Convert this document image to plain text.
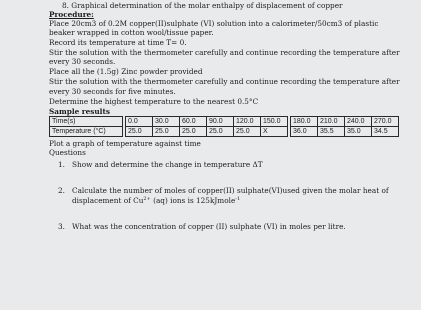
8. Graphical determination of the molar enthalpy of displacement of copper

Procedure:

Place 20cm3 of 0.2M copper(II)sulphate (VI) solution into a calorimeter/50cm3 of plastic

beaker wrapped in cotton wool/tissue paper.

Record its temperature at time T= 0.

Stir the solution with the thermometer carefully and continue recording the temperature after

every 30 seconds.

Place all the (1.5g) Zinc powder provided

Stir the solution with the thermometer carefully and continue recording the temperature after

every 30 seconds for five minutes.

Determine the highest temperature to the nearest 0.5°C

Sample results

Time(s)		0.0	30.0	60.0	90.0	120.0	150.0		180.0	210.0	240.0	270.0
Temperature (°C)		25.0	25.0	25.0	25.0	25.0	X		36.0	35.5	35.0	34.5

Plot a graph of temperature against time

Questions

1. Show and determine the change in temperature ΔT
2. Calculate the number of moles of copper(II) sulphate(VI)used given the molar heat of
displacement of $Cu^{2+}$ (aq) ions is 125kJmole$^{-1}$
3. What was the concentration of copper (II) sulphate (VI) in moles per litre.
